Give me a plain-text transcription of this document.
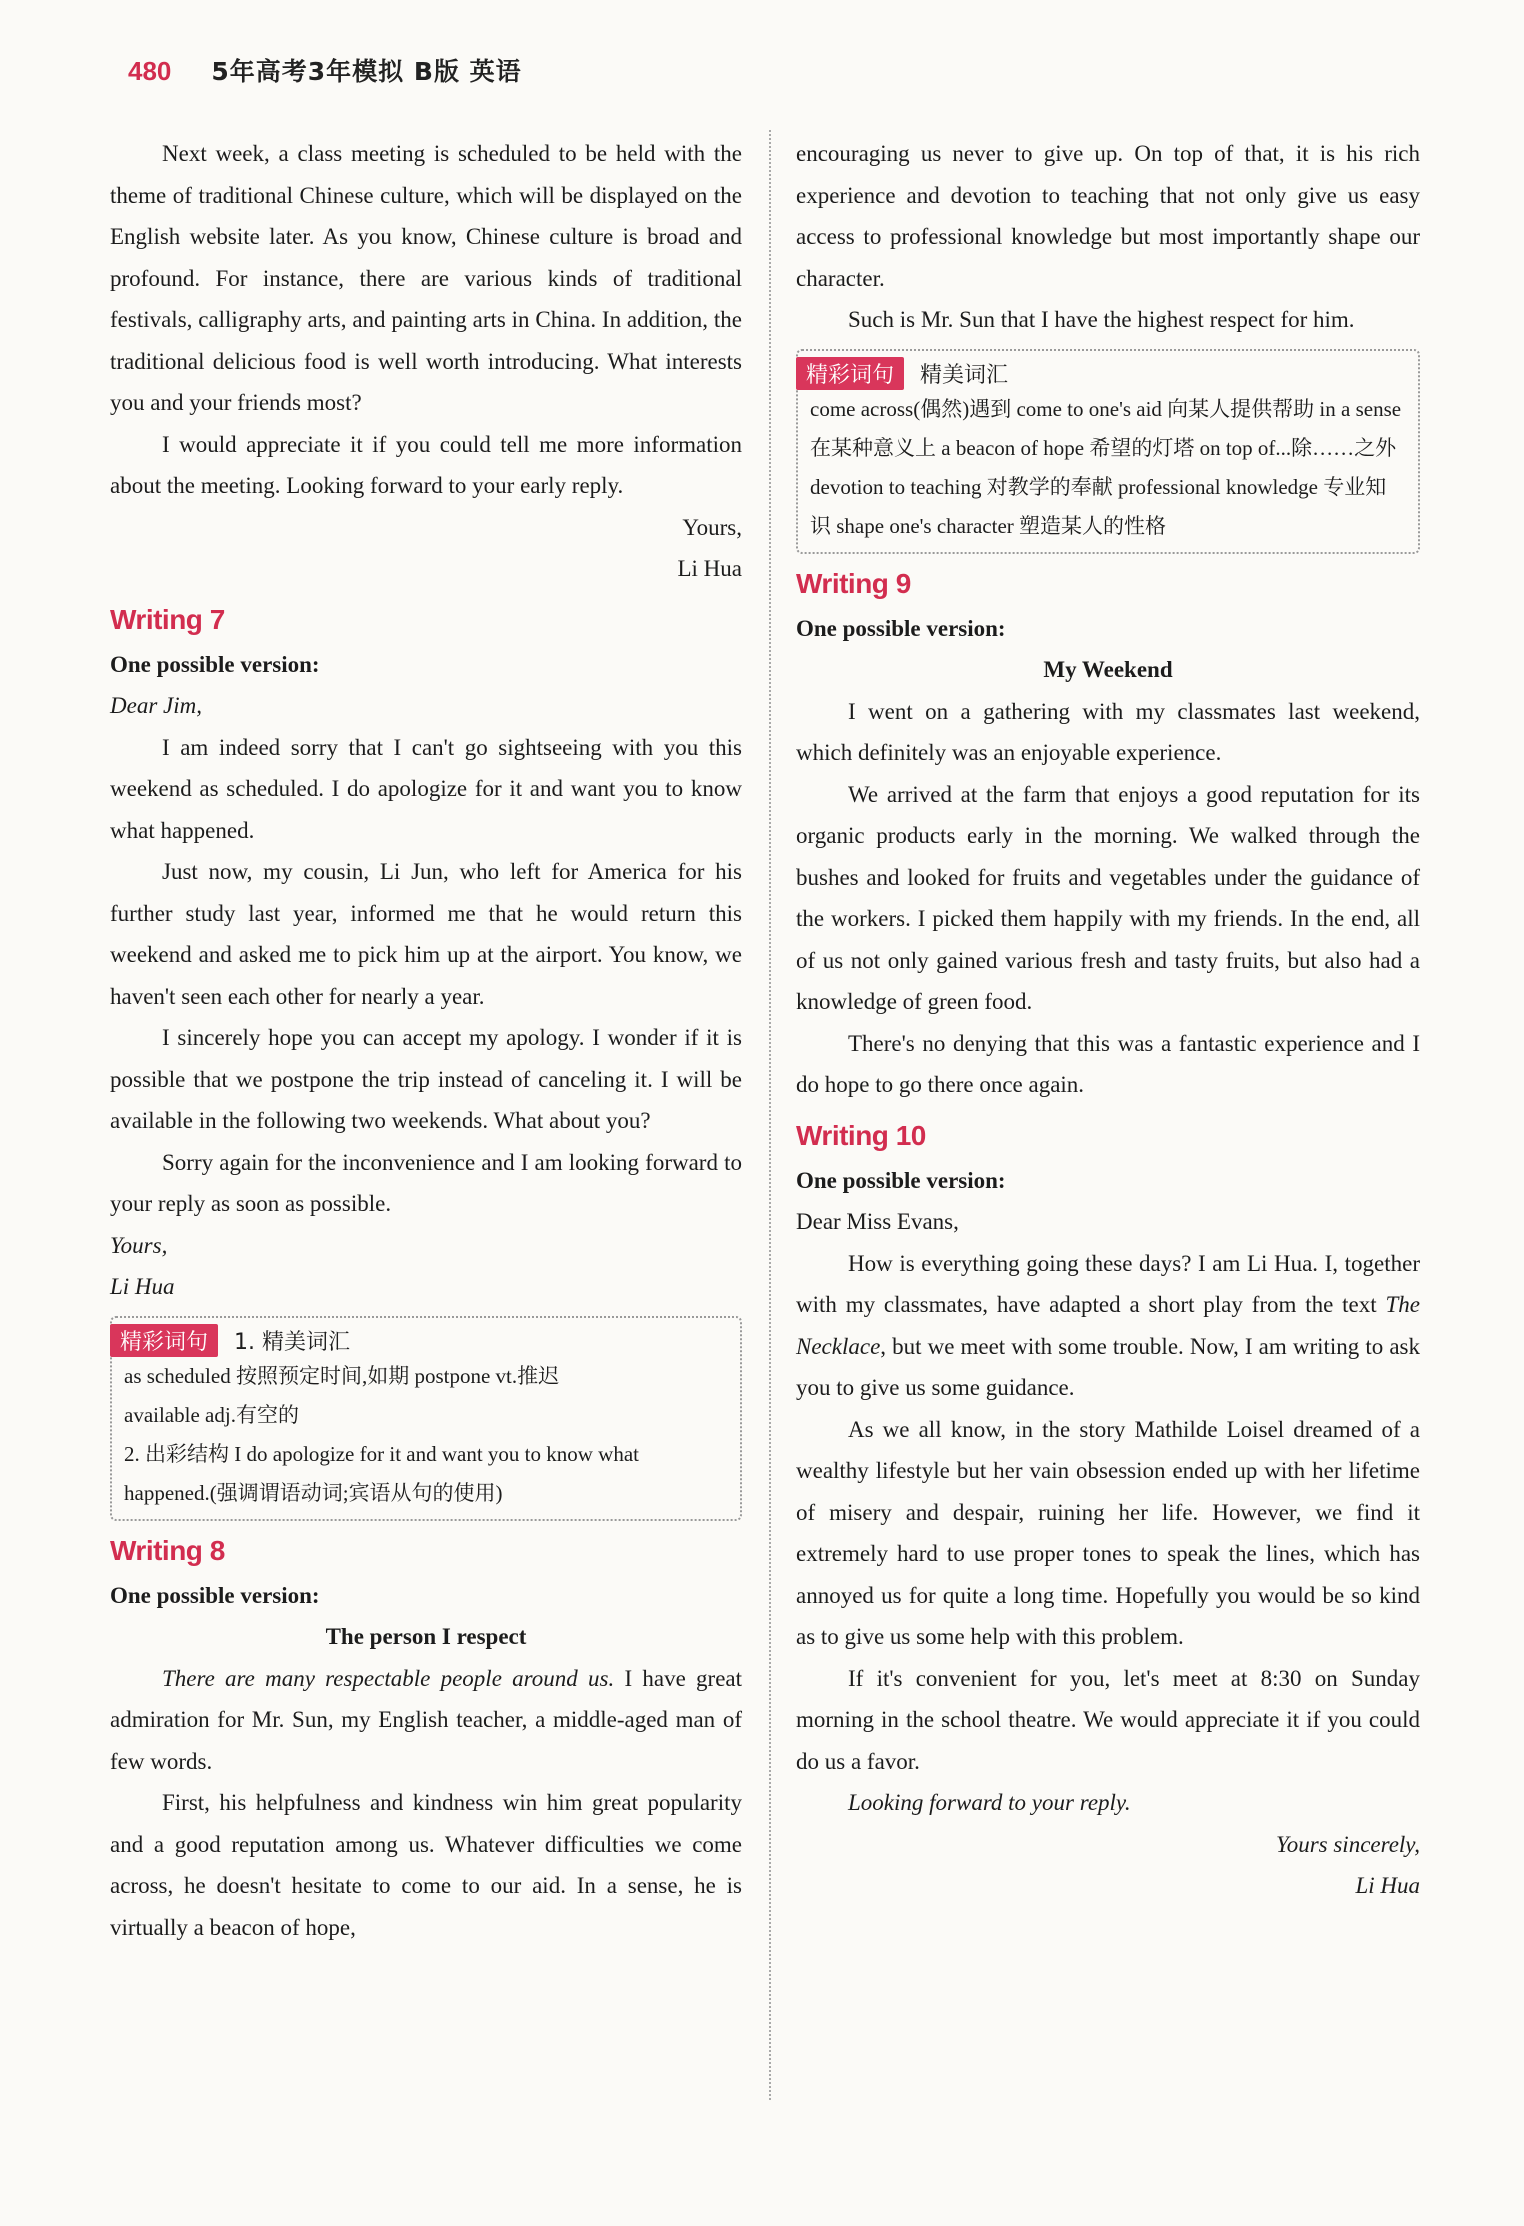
480 5年高考3年模拟 B版 英语

Next week, a class meeting is scheduled to be held with the theme of traditional Chinese culture, which will be displayed on the English website later. As you know, Chinese culture is broad and profound. For instance, there are various kinds of traditional festivals, calligraphy arts, and painting arts in China. In addition, the traditional delicious food is well worth introducing. What interests you and your friends most?

I would appreciate it if you could tell me more information about the meeting. Looking forward to your early reply.

Yours,

Li Hua

Writing 7

One possible version:

Dear Jim,

I am indeed sorry that I can't go sightseeing with you this weekend as scheduled. I do apologize for it and want you to know what happened.

Just now, my cousin, Li Jun, who left for America for his further study last year, informed me that he would return this weekend and asked me to pick him up at the airport. You know, we haven't seen each other for nearly a year.

I sincerely hope you can accept my apology. I wonder if it is possible that we postpone the trip instead of canceling it. I will be available in the following two weekends. What about you?

Sorry again for the inconvenience and I am looking forward to your reply as soon as possible.

Yours,

Li Hua

精彩词句 1. 精美词汇

as scheduled 按照预定时间,如期 postpone vt.推迟

available adj.有空的

2. 出彩结构 I do apologize for it and want you to know what happened.(强调谓语动词;宾语从句的使用)

Writing 8

One possible version:

The person I respect

There are many respectable people around us. I have great admiration for Mr. Sun, my English teacher, a middle-aged man of few words.

First, his helpfulness and kindness win him great popularity and a good reputation among us. Whatever difficulties we come across, he doesn't hesitate to come to our aid. In a sense, he is virtually a beacon of hope,

encouraging us never to give up. On top of that, it is his rich experience and devotion to teaching that not only give us easy access to professional knowledge but most importantly shape our character.

Such is Mr. Sun that I have the highest respect for him.

精彩词句 精美词汇

come across(偶然)遇到 come to one's aid 向某人提供帮助 in a sense 在某种意义上 a beacon of hope 希望的灯塔 on top of...除……之外 devotion to teaching 对教学的奉献 professional knowledge 专业知识 shape one's character 塑造某人的性格

Writing 9

One possible version:

My Weekend

I went on a gathering with my classmates last weekend, which definitely was an enjoyable experience.

We arrived at the farm that enjoys a good reputation for its organic products early in the morning. We walked through the bushes and looked for fruits and vegetables under the guidance of the workers. I picked them happily with my friends. In the end, all of us not only gained various fresh and tasty fruits, but also had a knowledge of green food.

There's no denying that this was a fantastic experience and I do hope to go there once again.

Writing 10

One possible version:

Dear Miss Evans,

How is everything going these days? I am Li Hua. I, together with my classmates, have adapted a short play from the text The Necklace, but we meet with some trouble. Now, I am writing to ask you to give us some guidance.

As we all know, in the story Mathilde Loisel dreamed of a wealthy lifestyle but her vain obsession ended up with her lifetime of misery and despair, ruining her life. However, we find it extremely hard to use proper tones to speak the lines, which has annoyed us for quite a long time. Hopefully you would be so kind as to give us some help with this problem.

If it's convenient for you, let's meet at 8:30 on Sunday morning in the school theatre. We would appreciate it if you could do us a favor.

Looking forward to your reply.

Yours sincerely,

Li Hua
